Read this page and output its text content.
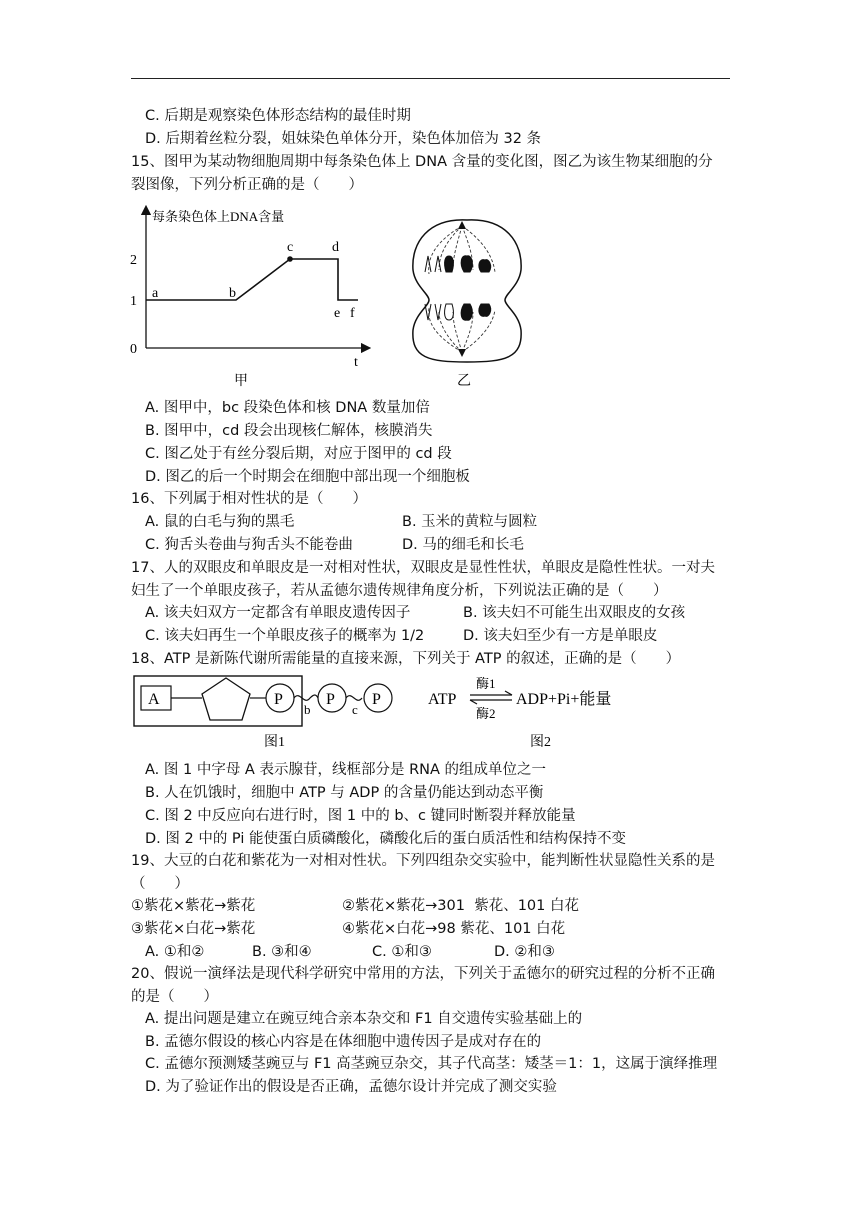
C. 后期是观察染色体形态结构的最佳时期
D. 后期着丝粒分裂，姐妹染色单体分开，染色体加倍为 32 条
15、图甲为某动物细胞周期中每条染色体上 DNA 含量的变化图，图乙为该生物某细胞的分
裂图像，下列分析正确的是（　　）
每条染色体上DNA含量
t
0
1
2
a	b
c	d
e f
甲	乙
A. 图甲中，bc 段染色体和核 DNA 数量加倍
B. 图甲中，cd 段会出现核仁解体，核膜消失
C. 图乙处于有丝分裂后期，对应于图甲的 cd 段
D. 图乙的后一个时期会在细胞中部出现一个细胞板
16、下列属于相对性状的是（　　）
A. 鼠的白毛与狗的黑毛	B. 玉米的黄粒与圆粒
C. 狗舌头卷曲与狗舌头不能卷曲	D. 马的细毛和长毛
17、人的双眼皮和单眼皮是一对相对性状，双眼皮是显性性状，单眼皮是隐性性状。一对夫
妇生了一个单眼皮孩子，若从孟德尔遗传规律角度分析，下列说法正确的是（　　）
A. 该夫妇双方一定都含有单眼皮遗传因子	B. 该夫妇不可能生出双眼皮的女孩
C. 该夫妇再生一个单眼皮孩子的概率为 1/2	D. 该夫妇至少有一方是单眼皮
18、ATP 是新陈代谢所需能量的直接来源，下列关于 ATP 的叙述，正确的是（　　）
A	P
b
P
c
P
图1
ATP
酶1
酶2
ADP+Pi+能量
图2
A. 图 1 中字母 A 表示腺苷，线框部分是 RNA 的组成单位之一
B. 人在饥饿时，细胞中 ATP 与 ADP 的含量仍能达到动态平衡
C. 图 2 中反应向右进行时，图 1 中的 b、c 键同时断裂并释放能量
D. 图 2 中的 Pi 能使蛋白质磷酸化，磷酸化后的蛋白质活性和结构保持不变
19、大豆的白花和紫花为一对相对性状。下列四组杂交实验中，能判断性状显隐性关系的是
（　　）
①紫花×紫花→紫花	②紫花×紫花→301  紫花、101 白花
③紫花×白花→紫花	④紫花×白花→98 紫花、101 白花
A. ①和②	B. ③和④	C. ①和③	D. ②和③
20、假说一演绎法是现代科学研究中常用的方法，下列关于孟德尔的研究过程的分析不正确
的是（　　）
A. 提出问题是建立在豌豆纯合亲本杂交和 F1 自交遗传实验基础上的
B. 孟德尔假设的核心内容是在体细胞中遗传因子是成对存在的
C. 孟德尔预测矮茎豌豆与 F1 高茎豌豆杂交，其子代高茎：矮茎＝1：1，这属于演绎推理
D. 为了验证作出的假设是否正确，孟德尔设计并完成了测交实验
